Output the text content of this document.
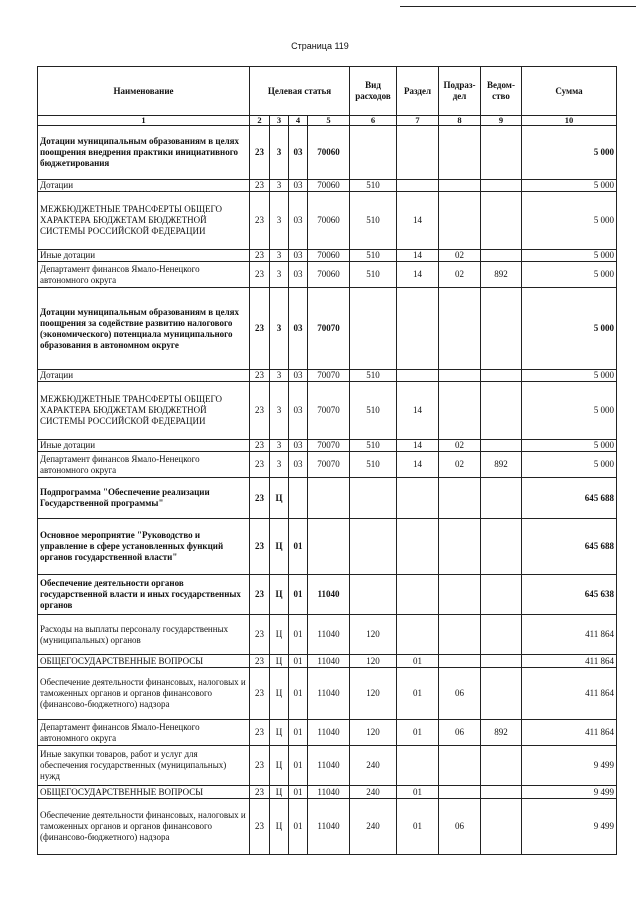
Страница 119
Наименование	Целевая статья				Вид расходов	Раздел	Подраз-дел	Ведом-ство	Сумма
1	2	3	4	5	6	7	8	9	10
Дотации муниципальным образованиям в целях поощрения внедрения практики инициативного бюджетирования	23	3	03	70060					5 000
Дотации	23	3	03	70060	510				5 000
МЕЖБЮДЖЕТНЫЕ ТРАНСФЕРТЫ ОБЩЕГО ХАРАКТЕРА БЮДЖЕТАМ БЮДЖЕТНОЙ СИСТЕМЫ РОССИЙСКОЙ ФЕДЕРАЦИИ	23	3	03	70060	510	14			5 000
Иные дотации	23	3	03	70060	510	14	02		5 000
Департамент финансов Ямало-Ненецкого автономного округа	23	3	03	70060	510	14	02	892	5 000
Дотации муниципальным образованиям в целях поощрения за содействие развитию налогового (экономического) потенциала муниципального образования в автономном округе	23	3	03	70070					5 000
Дотации	23	3	03	70070	510				5 000
МЕЖБЮДЖЕТНЫЕ ТРАНСФЕРТЫ ОБЩЕГО ХАРАКТЕРА БЮДЖЕТАМ БЮДЖЕТНОЙ СИСТЕМЫ РОССИЙСКОЙ ФЕДЕРАЦИИ	23	3	03	70070	510	14			5 000
Иные дотации	23	3	03	70070	510	14	02		5 000
Департамент финансов Ямало-Ненецкого автономного округа	23	3	03	70070	510	14	02	892	5 000
Подпрограмма "Обеспечение реализации Государственной программы"	23	Ц							645 688
Основное мероприятие "Руководство и управление в сфере установленных функций органов государственной власти"	23	Ц	01						645 688
Обеспечение деятельности органов государственной власти и иных государственных органов	23	Ц	01	11040					645 638
Расходы на выплаты персоналу государственных (муниципальных) органов	23	Ц	01	11040	120				411 864
ОБЩЕГОСУДАРСТВЕННЫЕ ВОПРОСЫ	23	Ц	01	11040	120	01			411 864
Обеспечение деятельности финансовых, налоговых и таможенных органов и органов финансового (финансово-бюджетного) надзора	23	Ц	01	11040	120	01	06		411 864
Департамент финансов Ямало-Ненецкого автономного округа	23	Ц	01	11040	120	01	06	892	411 864
Иные закупки товаров, работ и услуг для обеспечения государственных (муниципальных) нужд	23	Ц	01	11040	240				9 499
ОБЩЕГОСУДАРСТВЕННЫЕ ВОПРОСЫ	23	Ц	01	11040	240	01			9 499
Обеспечение деятельности финансовых, налоговых и таможенных органов и органов финансового (финансово-бюджетного) надзора	23	Ц	01	11040	240	01	06		9 499
